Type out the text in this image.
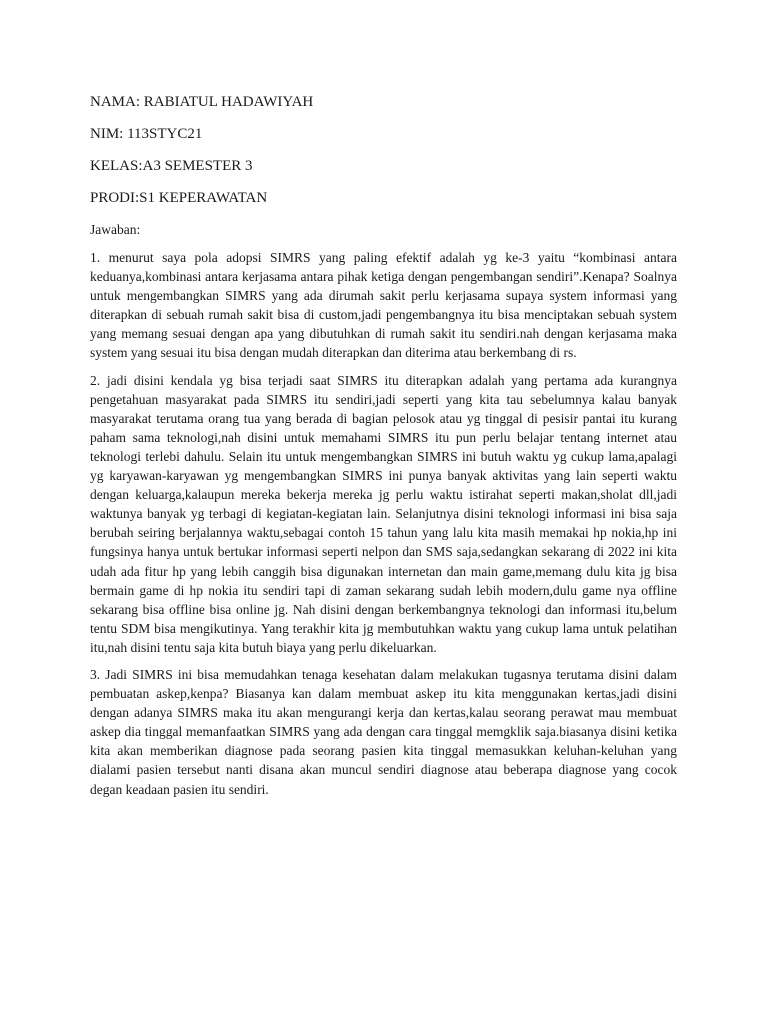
NAMA: RABIATUL HADAWIYAH

NIM: 113STYC21

KELAS:A3 SEMESTER 3

PRODI:S1 KEPERAWATAN

Jawaban:

1. menurut saya pola adopsi SIMRS yang paling efektif adalah yg ke-3 yaitu “kombinasi antara keduanya,kombinasi antara kerjasama antara pihak ketiga dengan pengembangan sendiri”.Kenapa? Soalnya untuk mengembangkan SIMRS yang ada dirumah sakit perlu kerjasama supaya system informasi yang diterapkan di sebuah rumah sakit bisa di custom,jadi pengembangnya itu bisa menciptakan sebuah system yang memang sesuai dengan apa yang dibutuhkan di rumah sakit itu sendiri.nah dengan kerjasama maka system yang sesuai itu bisa dengan mudah diterapkan dan diterima atau berkembang di rs.

2. jadi disini kendala yg bisa terjadi saat SIMRS itu diterapkan adalah yang pertama ada kurangnya pengetahuan masyarakat pada SIMRS itu sendiri,jadi seperti yang kita tau sebelumnya kalau banyak masyarakat terutama orang tua yang berada di bagian pelosok atau yg tinggal di pesisir pantai itu kurang paham sama teknologi,nah disini untuk memahami SIMRS itu pun perlu belajar tentang internet atau teknologi terlebi dahulu. Selain itu untuk mengembangkan SIMRS ini butuh waktu yg cukup lama,apalagi yg karyawan-karyawan yg mengembangkan SIMRS ini punya banyak aktivitas yang lain seperti waktu dengan keluarga,kalaupun mereka bekerja mereka jg perlu waktu istirahat seperti makan,sholat dll,jadi waktunya banyak yg terbagi di kegiatan-kegiatan lain. Selanjutnya disini teknologi informasi ini bisa saja berubah seiring berjalannya waktu,sebagai contoh 15 tahun yang lalu kita masih memakai hp nokia,hp ini fungsinya hanya untuk bertukar informasi seperti nelpon dan SMS saja,sedangkan sekarang di 2022 ini kita udah ada fitur hp yang lebih canggih bisa digunakan internetan dan main game,memang dulu kita jg bisa bermain game di hp nokia itu sendiri tapi di zaman sekarang sudah lebih modern,dulu game nya offline sekarang bisa offline bisa online jg. Nah disini dengan berkembangnya teknologi dan informasi itu,belum tentu SDM bisa mengikutinya. Yang terakhir kita jg membutuhkan waktu yang cukup lama untuk pelatihan itu,nah disini tentu saja kita butuh biaya yang perlu dikeluarkan.

3. Jadi SIMRS ini bisa memudahkan tenaga kesehatan dalam melakukan tugasnya terutama disini dalam pembuatan askep,kenpa? Biasanya kan dalam membuat askep itu kita menggunakan kertas,jadi disini dengan adanya SIMRS maka itu akan mengurangi kerja dan kertas,kalau seorang perawat mau membuat askep dia tinggal memanfaatkan SIMRS yang ada dengan cara tinggal memgklik saja.biasanya disini ketika kita akan memberikan diagnose pada seorang pasien kita tinggal memasukkan keluhan-keluhan yang dialami pasien tersebut nanti disana akan muncul sendiri diagnose atau beberapa diagnose yang cocok degan keadaan pasien itu sendiri.
